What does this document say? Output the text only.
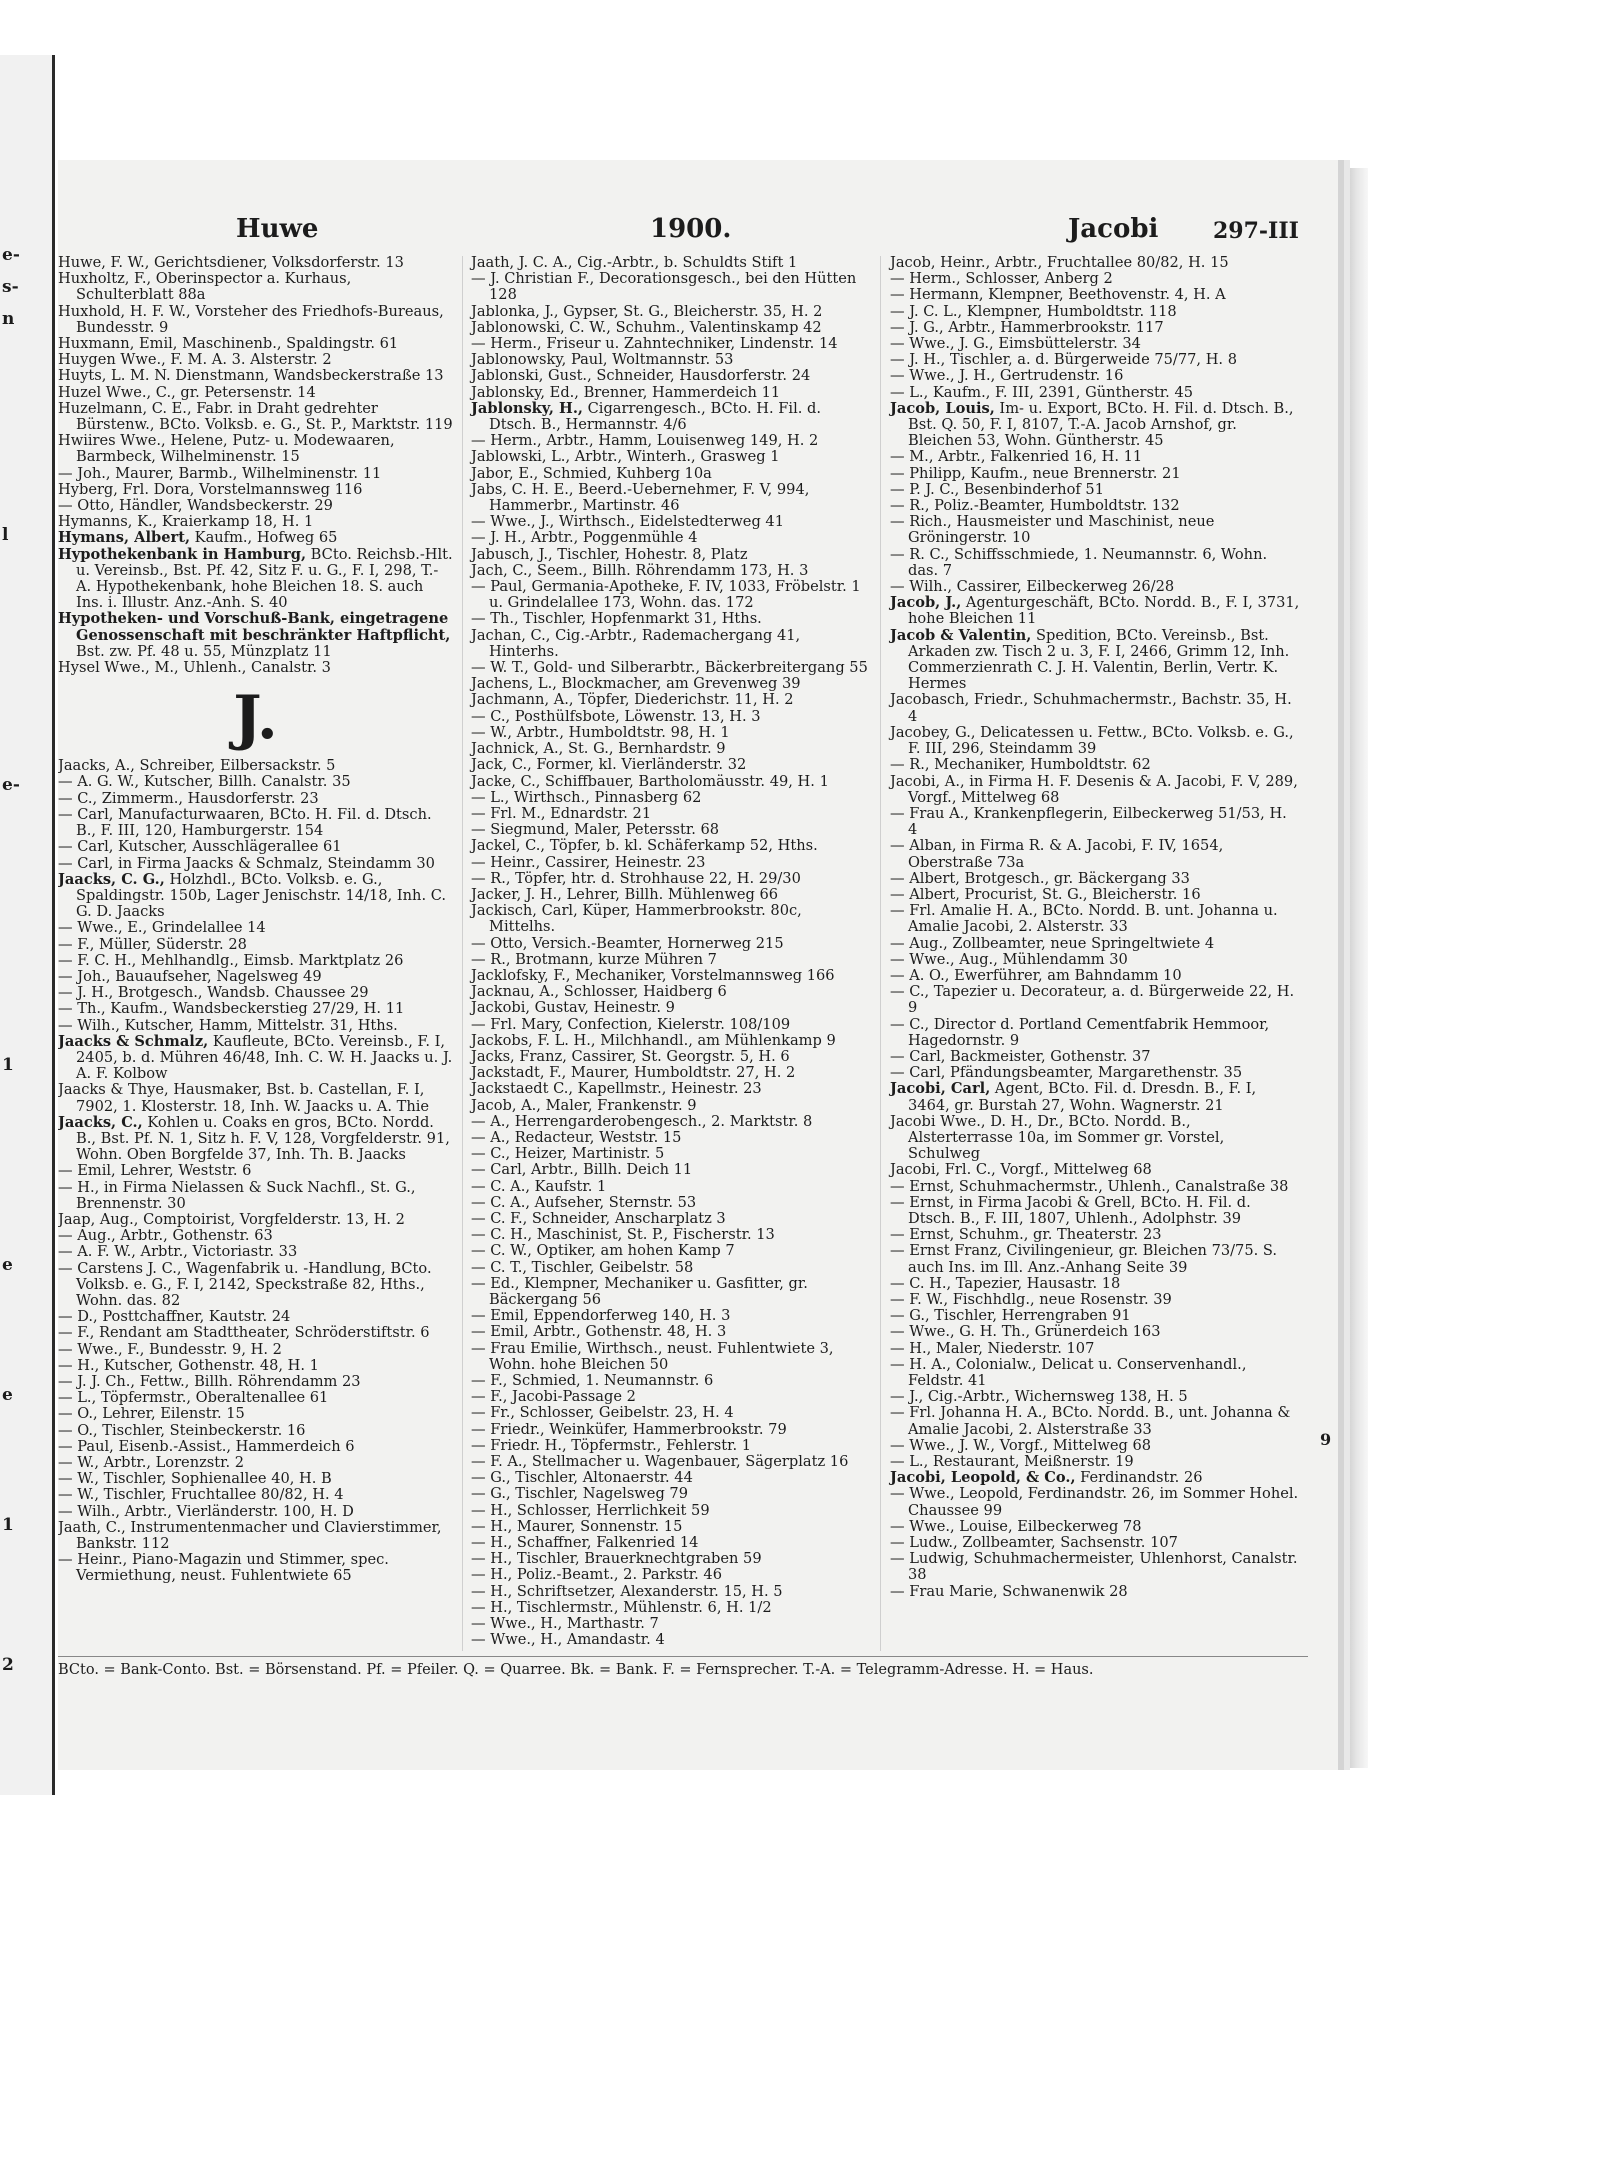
e-
s-
n
l
e-
1
e
e
1
2
Huwe	1900.	Jacobi 297-III

Huwe, F. W., Gerichtsdiener, Volksdorferstr. 13

Huxholtz, F., Oberinspector a. Kurhaus, Schulterblatt 88a

Huxhold, H. F. W., Vorsteher des Friedhofs-Bureaus, Bundesstr. 9

Huxmann, Emil, Maschinenb., Spaldingstr. 61

Huygen Wwe., F. M. A. 3. Alsterstr. 2

Huyts, L. M. N. Dienstmann, Wandsbeckerstraße 13

Huzel Wwe., C., gr. Petersenstr. 14

Huzelmann, C. E., Fabr. in Draht gedrehter Bürstenw., BCto. Volksb. e. G., St. P., Marktstr. 119

Hwiires Wwe., Helene, Putz- u. Modewaaren, Barmbeck, Wilhelminenstr. 15

— Joh., Maurer, Barmb., Wilhelminenstr. 11

Hyberg, Frl. Dora, Vorstelmannsweg 116

— Otto, Händler, Wandsbeckerstr. 29

Hymanns, K., Kraierkamp 18, H. 1

Hymans, Albert, Kaufm., Hofweg 65

Hypothekenbank in Hamburg, BCto. Reichsb.-Hlt. u. Vereinsb., Bst. Pf. 42, Sitz F. u. G., F. I, 298, T.-A. Hypothekenbank, hohe Bleichen 18. S. auch Ins. i. Illustr. Anz.-Anh. S. 40

Hypotheken- und Vorschuß-Bank, eingetragene Genossenschaft mit beschränkter Haftpflicht, Bst. zw. Pf. 48 u. 55, Münzplatz 11

Hysel Wwe., M., Uhlenh., Canalstr. 3

J.

Jaacks, A., Schreiber, Eilbersackstr. 5

— A. G. W., Kutscher, Billh. Canalstr. 35

— C., Zimmerm., Hausdorferstr. 23

— Carl, Manufacturwaaren, BCto. H. Fil. d. Dtsch. B., F. III, 120, Hamburgerstr. 154

— Carl, Kutscher, Ausschlägerallee 61

— Carl, in Firma Jaacks & Schmalz, Steindamm 30

Jaacks, C. G., Holzhdl., BCto. Volksb. e. G., Spaldingstr. 150b, Lager Jenischstr. 14/18, Inh. C. G. D. Jaacks

— Wwe., E., Grindelallee 14

— F., Müller, Süderstr. 28

— F. C. H., Mehlhandlg., Eimsb. Marktplatz 26

— Joh., Bauaufseher, Nagelsweg 49

— J. H., Brotgesch., Wandsb. Chaussee 29

— Th., Kaufm., Wandsbeckerstieg 27/29, H. 11

— Wilh., Kutscher, Hamm, Mittelstr. 31, Hths.

Jaacks & Schmalz, Kaufleute, BCto. Vereinsb., F. I, 2405, b. d. Mühren 46/48, Inh. C. W. H. Jaacks u. J. A. F. Kolbow

Jaacks & Thye, Hausmaker, Bst. b. Castellan, F. I, 7902, 1. Klosterstr. 18, Inh. W. Jaacks u. A. Thie

Jaacks, C., Kohlen u. Coaks en gros, BCto. Nordd. B., Bst. Pf. N. 1, Sitz h. F. V, 128, Vorgfelderstr. 91, Wohn. Oben Borgfelde 37, Inh. Th. B. Jaacks

— Emil, Lehrer, Weststr. 6

— H., in Firma Nielassen & Suck Nachfl., St. G., Brennenstr. 30

Jaap, Aug., Comptoirist, Vorgfelderstr. 13, H. 2

— Aug., Arbtr., Gothenstr. 63

— A. F. W., Arbtr., Victoriastr. 33

— Carstens J. C., Wagenfabrik u. -Handlung, BCto. Volksb. e. G., F. I, 2142, Speckstraße 82, Hths., Wohn. das. 82

— D., Posttchaffner, Kautstr. 24

— F., Rendant am Stadttheater, Schröderstiftstr. 6

— Wwe., F., Bundesstr. 9, H. 2

— H., Kutscher, Gothenstr. 48, H. 1

— J. J. Ch., Fettw., Billh. Röhrendamm 23

— L., Töpfermstr., Oberaltenallee 61

— O., Lehrer, Eilenstr. 15

— O., Tischler, Steinbeckerstr. 16

— Paul, Eisenb.-Assist., Hammerdeich 6

— W., Arbtr., Lorenzstr. 2

— W., Tischler, Sophienallee 40, H. B

— W., Tischler, Fruchtallee 80/82, H. 4

— Wilh., Arbtr., Vierländerstr. 100, H. D

Jaath, C., Instrumentenmacher und Clavierstimmer, Bankstr. 112

— Heinr., Piano-Magazin und Stimmer, spec. Vermiethung, neust. Fuhlentwiete 65

Jaath, J. C. A., Cig.-Arbtr., b. Schuldts Stift 1

— J. Christian F., Decorationsgesch., bei den Hütten 128

Jablonka, J., Gypser, St. G., Bleicherstr. 35, H. 2

Jablonowski, C. W., Schuhm., Valentinskamp 42

— Herm., Friseur u. Zahntechniker, Lindenstr. 14

Jablonowsky, Paul, Woltmannstr. 53

Jablonski, Gust., Schneider, Hausdorferstr. 24

Jablonsky, Ed., Brenner, Hammerdeich 11

Jablonsky, H., Cigarrengesch., BCto. H. Fil. d. Dtsch. B., Hermannstr. 4/6

— Herm., Arbtr., Hamm, Louisenweg 149, H. 2

Jablowski, L., Arbtr., Winterh., Grasweg 1

Jabor, E., Schmied, Kuhberg 10a

Jabs, C. H. E., Beerd.-Uebernehmer, F. V, 994, Hammerbr., Martinstr. 46

— Wwe., J., Wirthsch., Eidelstedterweg 41

— J. H., Arbtr., Poggenmühle 4

Jabusch, J., Tischler, Hohestr. 8, Platz

Jach, C., Seem., Billh. Röhrendamm 173, H. 3

— Paul, Germania-Apotheke, F. IV, 1033, Fröbelstr. 1 u. Grindelallee 173, Wohn. das. 172

— Th., Tischler, Hopfenmarkt 31, Hths.

Jachan, C., Cig.-Arbtr., Rademachergang 41, Hinterhs.

— W. T., Gold- und Silberarbtr., Bäckerbreitergang 55

Jachens, L., Blockmacher, am Grevenweg 39

Jachmann, A., Töpfer, Diederichstr. 11, H. 2

— C., Posthülfsbote, Löwenstr. 13, H. 3

— W., Arbtr., Humboldtstr. 98, H. 1

Jachnick, A., St. G., Bernhardstr. 9

Jack, C., Former, kl. Vierländerstr. 32

Jacke, C., Schiffbauer, Bartholomäusstr. 49, H. 1

— L., Wirthsch., Pinnasberg 62

— Frl. M., Ednardstr. 21

— Siegmund, Maler, Petersstr. 68

Jackel, C., Töpfer, b. kl. Schäferkamp 52, Hths.

— Heinr., Cassirer, Heinestr. 23

— R., Töpfer, htr. d. Strohhause 22, H. 29/30

Jacker, J. H., Lehrer, Billh. Mühlenweg 66

Jackisch, Carl, Küper, Hammerbrookstr. 80c, Mittelhs.

— Otto, Versich.-Beamter, Hornerweg 215

— R., Brotmann, kurze Mühren 7

Jacklofsky, F., Mechaniker, Vorstelmannsweg 166

Jacknau, A., Schlosser, Haidberg 6

Jackobi, Gustav, Heinestr. 9

— Frl. Mary, Confection, Kielerstr. 108/109

Jackobs, F. L. H., Milchhandl., am Mühlenkamp 9

Jacks, Franz, Cassirer, St. Georgstr. 5, H. 6

Jackstadt, F., Maurer, Humboldtstr. 27, H. 2

Jackstaedt C., Kapellmstr., Heinestr. 23

Jacob, A., Maler, Frankenstr. 9

— A., Herrengarderobengesch., 2. Marktstr. 8

— A., Redacteur, Weststr. 15

— C., Heizer, Martinistr. 5

— Carl, Arbtr., Billh. Deich 11

— C. A., Kaufstr. 1

— C. A., Aufseher, Sternstr. 53

— C. F., Schneider, Anscharplatz 3

— C. H., Maschinist, St. P., Fischerstr. 13

— C. W., Optiker, am hohen Kamp 7

— C. T., Tischler, Geibelstr. 58

— Ed., Klempner, Mechaniker u. Gasfitter, gr. Bäckergang 56

— Emil, Eppendorferweg 140, H. 3

— Emil, Arbtr., Gothenstr. 48, H. 3

— Frau Emilie, Wirthsch., neust. Fuhlentwiete 3, Wohn. hohe Bleichen 50

— F., Schmied, 1. Neumannstr. 6

— F., Jacobi-Passage 2

— Fr., Schlosser, Geibelstr. 23, H. 4

— Friedr., Weinküfer, Hammerbrookstr. 79

— Friedr. H., Töpfermstr., Fehlerstr. 1

— F. A., Stellmacher u. Wagenbauer, Sägerplatz 16

— G., Tischler, Altonaerstr. 44

— G., Tischler, Nagelsweg 79

— H., Schlosser, Herrlichkeit 59

— H., Maurer, Sonnenstr. 15

— H., Schaffner, Falkenried 14

— H., Tischler, Brauerknechtgraben 59

— H., Poliz.-Beamt., 2. Parkstr. 46

— H., Schriftsetzer, Alexanderstr. 15, H. 5

— H., Tischlermstr., Mühlenstr. 6, H. 1/2

— Wwe., H., Marthastr. 7

— Wwe., H., Amandastr. 4

Jacob, Heinr., Arbtr., Fruchtallee 80/82, H. 15

— Herm., Schlosser, Anberg 2

— Hermann, Klempner, Beethovenstr. 4, H. A

— J. C. L., Klempner, Humboldtstr. 118

— J. G., Arbtr., Hammerbrookstr. 117

— Wwe., J. G., Eimsbüttelerstr. 34

— J. H., Tischler, a. d. Bürgerweide 75/77, H. 8

— Wwe., J. H., Gertrudenstr. 16

— L., Kaufm., F. III, 2391, Güntherstr. 45

Jacob, Louis, Im- u. Export, BCto. H. Fil. d. Dtsch. B., Bst. Q. 50, F. I, 8107, T.-A. Jacob Arnshof, gr. Bleichen 53, Wohn. Güntherstr. 45

— M., Arbtr., Falkenried 16, H. 11

— Philipp, Kaufm., neue Brennerstr. 21

— P. J. C., Besenbinderhof 51

— R., Poliz.-Beamter, Humboldtstr. 132

— Rich., Hausmeister und Maschinist, neue Gröningerstr. 10

— R. C., Schiffsschmiede, 1. Neumannstr. 6, Wohn. das. 7

— Wilh., Cassirer, Eilbeckerweg 26/28

Jacob, J., Agenturgeschäft, BCto. Nordd. B., F. I, 3731, hohe Bleichen 11

Jacob & Valentin, Spedition, BCto. Vereinsb., Bst. Arkaden zw. Tisch 2 u. 3, F. I, 2466, Grimm 12, Inh. Commerzienrath C. J. H. Valentin, Berlin, Vertr. K. Hermes

Jacobasch, Friedr., Schuhmachermstr., Bachstr. 35, H. 4

Jacobey, G., Delicatessen u. Fettw., BCto. Volksb. e. G., F. III, 296, Steindamm 39

— R., Mechaniker, Humboldtstr. 62

Jacobi, A., in Firma H. F. Desenis & A. Jacobi, F. V, 289, Vorgf., Mittelweg 68

— Frau A., Krankenpflegerin, Eilbeckerweg 51/53, H. 4

— Alban, in Firma R. & A. Jacobi, F. IV, 1654, Oberstraße 73a

— Albert, Brotgesch., gr. Bäckergang 33

— Albert, Procurist, St. G., Bleicherstr. 16

— Frl. Amalie H. A., BCto. Nordd. B. unt. Johanna u. Amalie Jacobi, 2. Alsterstr. 33

— Aug., Zollbeamter, neue Springeltwiete 4

— Wwe., Aug., Mühlendamm 30

— A. O., Ewerführer, am Bahndamm 10

— C., Tapezier u. Decorateur, a. d. Bürgerweide 22, H. 9

— C., Director d. Portland Cementfabrik Hemmoor, Hagedornstr. 9

— Carl, Backmeister, Gothenstr. 37

— Carl, Pfändungsbeamter, Margarethenstr. 35

Jacobi, Carl, Agent, BCto. Fil. d. Dresdn. B., F. I, 3464, gr. Burstah 27, Wohn. Wagnerstr. 21

Jacobi Wwe., D. H., Dr., BCto. Nordd. B., Alsterterrasse 10a, im Sommer gr. Vorstel, Schulweg

Jacobi, Frl. C., Vorgf., Mittelweg 68

— Ernst, Schuhmachermstr., Uhlenh., Canalstraße 38

— Ernst, in Firma Jacobi & Grell, BCto. H. Fil. d. Dtsch. B., F. III, 1807, Uhlenh., Adolphstr. 39

— Ernst, Schuhm., gr. Theaterstr. 23

— Ernst Franz, Civilingenieur, gr. Bleichen 73/75. S. auch Ins. im Ill. Anz.-Anhang Seite 39

— C. H., Tapezier, Hausastr. 18

— F. W., Fischhdlg., neue Rosenstr. 39

— G., Tischler, Herrengraben 91

— Wwe., G. H. Th., Grünerdeich 163

— H., Maler, Niederstr. 107

— H. A., Colonialw., Delicat u. Conservenhandl., Feldstr. 41

— J., Cig.-Arbtr., Wichernsweg 138, H. 5

— Frl. Johanna H. A., BCto. Nordd. B., unt. Johanna & Amalie Jacobi, 2. Alsterstraße 33

— Wwe., J. W., Vorgf., Mittelweg 68

— L., Restaurant, Meißnerstr. 19

Jacobi, Leopold, & Co., Ferdinandstr. 26

— Wwe., Leopold, Ferdinandstr. 26, im Sommer Hohel. Chaussee 99

— Wwe., Louise, Eilbeckerweg 78

— Ludw., Zollbeamter, Sachsenstr. 107

— Ludwig, Schuhmachermeister, Uhlenhorst, Canalstr. 38

— Frau Marie, Schwanenwik 28

9
BCto. = Bank-Conto. Bst. = Börsenstand. Pf. = Pfeiler. Q. = Quarree. Bk. = Bank. F. = Fernsprecher. T.-A. = Telegramm-Adresse. H. = Haus.
